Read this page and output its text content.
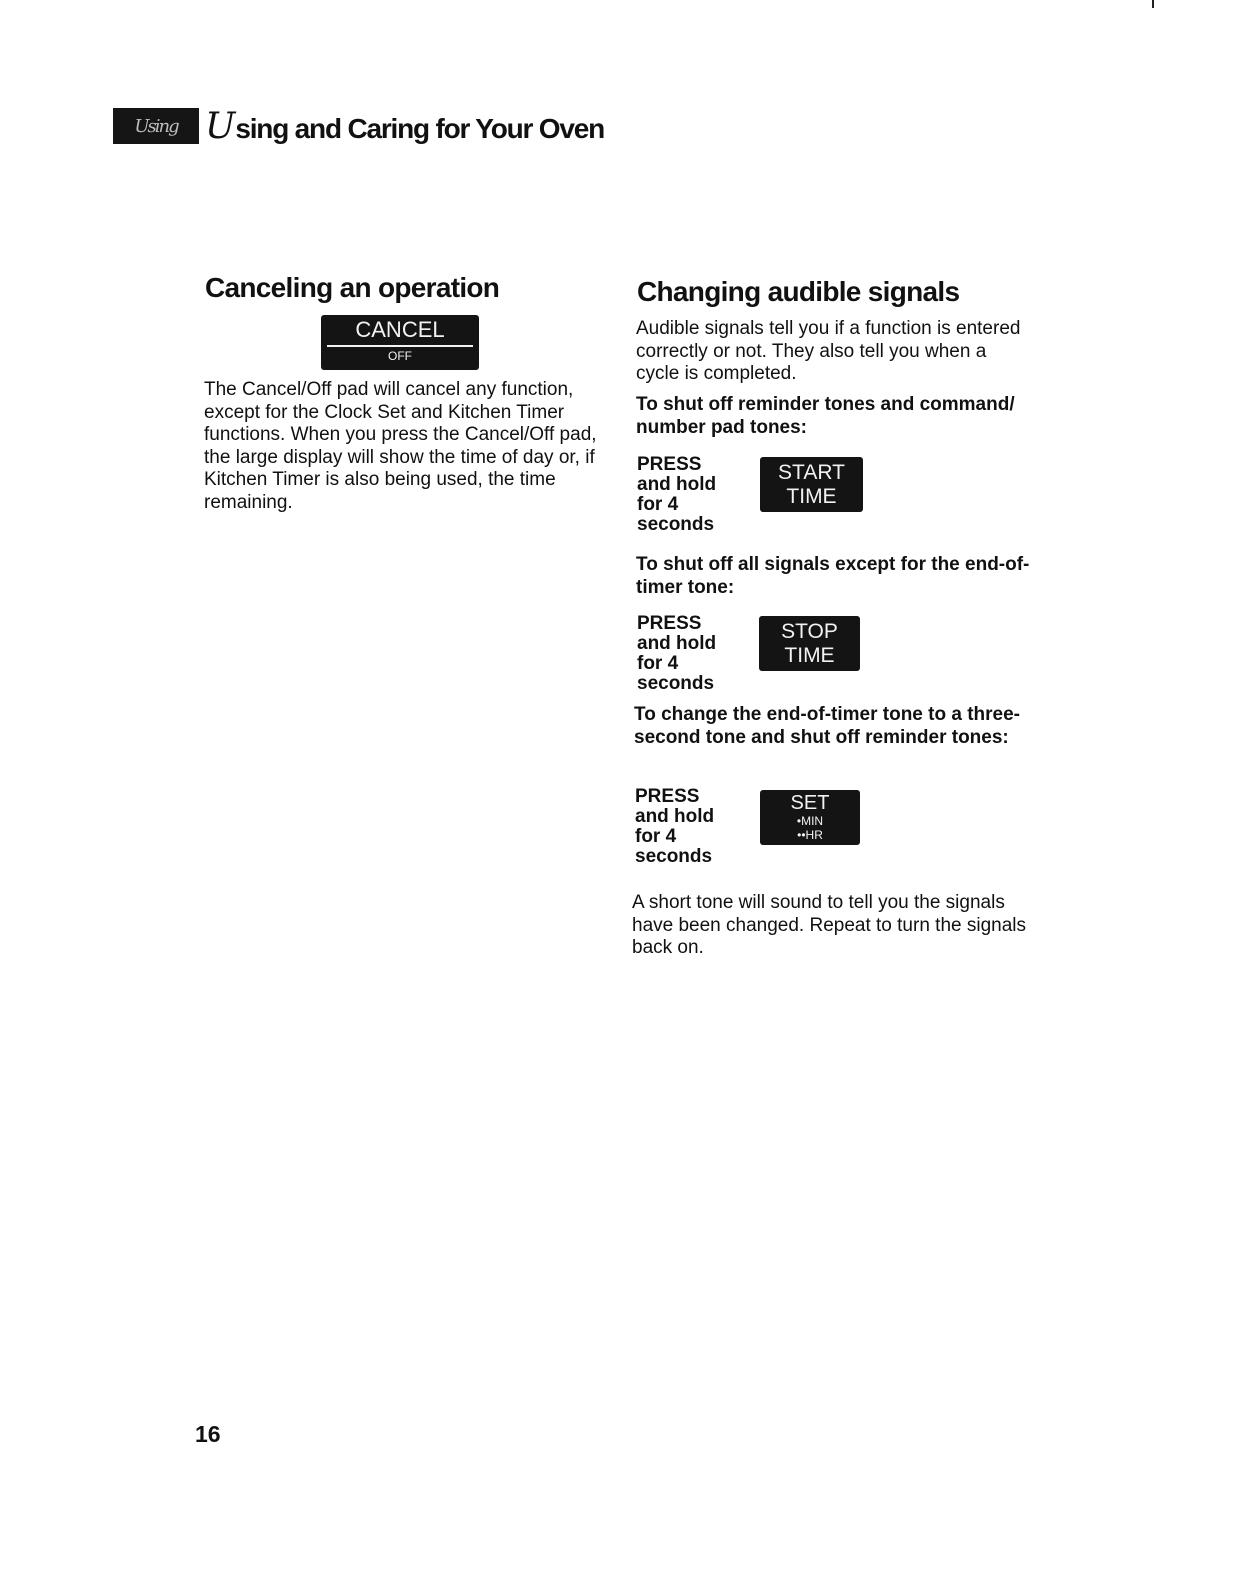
Using Using and Caring for Your Oven
Canceling an operation
CANCEL
OFF

The Cancel/Off pad will cancel any function, except for the Clock Set and Kitchen Timer functions. When you press the Cancel/Off pad, the large display will show the time of day or, if Kitchen Timer is also being used, the time remaining.

Changing audible signals

Audible signals tell you if a function is entered correctly or not. They also tell you when a cycle is completed.

To shut off reminder tones and command/ number pad tones:

PRESS
and hold
for 4
seconds
START
TIME

To shut off all signals except for the end-of-timer tone:

PRESS
and hold
for 4
seconds
STOP
TIME

To change the end-of-timer tone to a three-second tone and shut off reminder tones:

PRESS
and hold
for 4
seconds
SET
•MIN
••HR

A short tone will sound to tell you the signals have been changed. Repeat to turn the signals back on.

16
